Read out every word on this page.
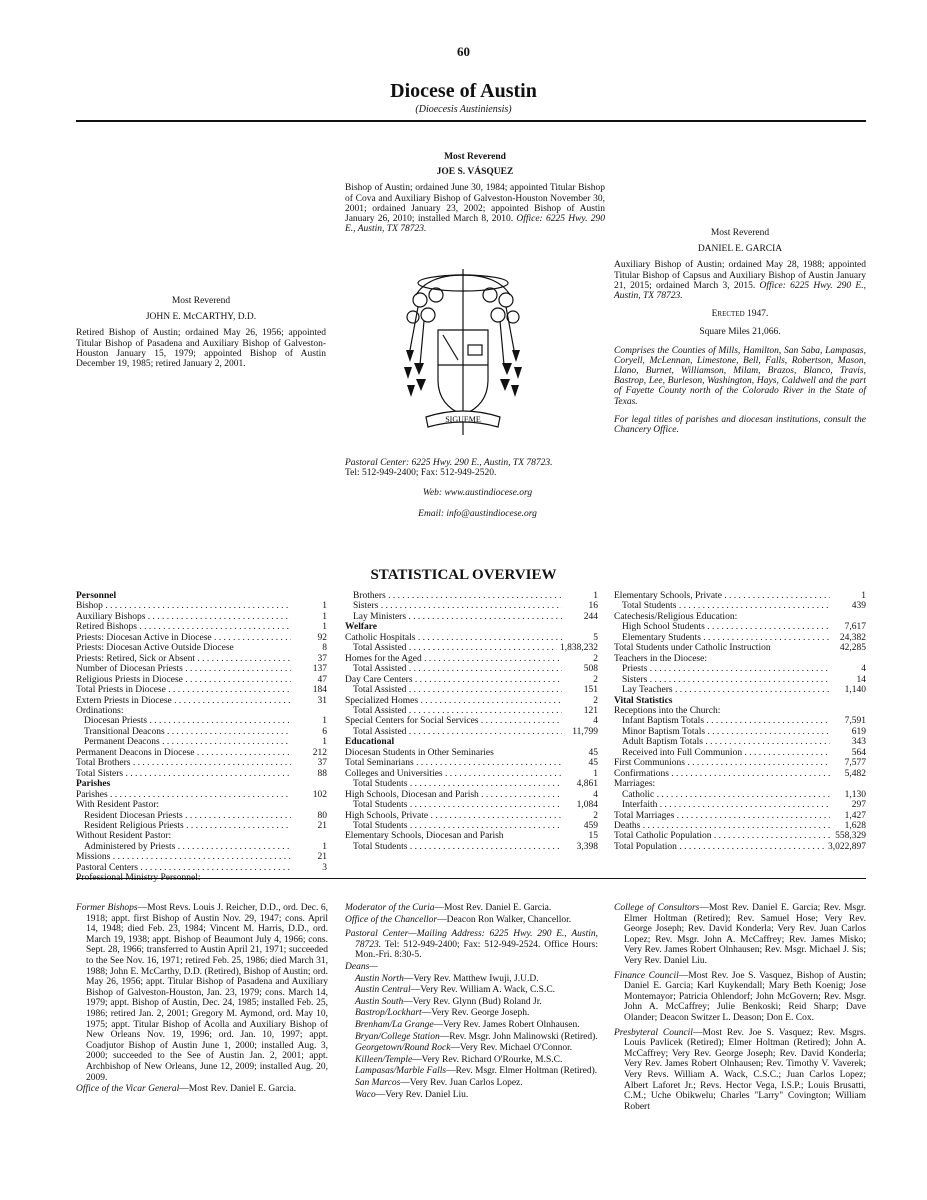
60
Diocese of Austin
(Dioecesis Austiniensis)
Most Reverend
JOE S. VÁSQUEZ
Bishop of Austin; ordained June 30, 1984; appointed Titular Bishop of Cova and Auxiliary Bishop of Galveston-Houston November 30, 2001; ordained January 23, 2002; appointed Bishop of Austin January 26, 2010; installed March 8, 2010. Office: 6225 Hwy. 290 E., Austin, TX 78723.
SIGUEME
Most Reverend
JOHN E. McCARTHY, D.D.
Retired Bishop of Austin; ordained May 26, 1956; appointed Titular Bishop of Pasadena and Auxiliary Bishop of Galveston-Houston January 15, 1979; appointed Bishop of Austin December 19, 1985; retired January 2, 2001.
Most Reverend
DANIEL E. GARCIA
Auxiliary Bishop of Austin; ordained May 28, 1988; appointed Titular Bishop of Capsus and Auxiliary Bishop of Austin January 21, 2015; ordained March 3, 2015. Office: 6225 Hwy. 290 E., Austin, TX 78723.
Erected 1947.
Square Miles 21,066.
Comprises the Counties of Mills, Hamilton, San Saba, Lampasas, Coryell, McLennan, Limestone, Bell, Falls, Robertson, Mason, Llano, Burnet, Williamson, Milam, Brazos, Blanco, Travis, Bastrop, Lee, Burleson, Washington, Hays, Caldwell and the part of Fayette County north of the Colorado River in the State of Texas.
For legal titles of parishes and diocesan institutions, consult the Chancery Office.
Pastoral Center: 6225 Hwy. 290 E., Austin, TX 78723.
Tel: 512-949-2400; Fax: 512-949-2520.
Web: www.austindiocese.org
Email: info@austindiocese.org
STATISTICAL OVERVIEW
Personnel
Bishop . . .	1
Auxiliary Bishops . . .	1
Retired Bishops . . .	1
Priests: Diocesan Active in Diocese . . .	92
Priests: Diocesan Active Outside Diocese	8
Priests: Retired, Sick or Absent . . .	37
Number of Diocesan Priests . . .	137
Religious Priests in Diocese . . .	47
Total Priests in Diocese . . .	184
Extern Priests in Diocese . . .	31
Ordinations:
Diocesan Priests . . .	1
Transitional Deacons . . .	6
Permanent Deacons . . .	1
Permanent Deacons in Diocese . . .	212
Total Brothers . . .	37
Total Sisters . . .	88
Parishes
Parishes . . .	102
With Resident Pastor:
Resident Diocesan Priests . . .	80
Resident Religious Priests . . .	21
Without Resident Pastor:
Administered by Priests . . .	1
Missions . . .	21
Pastoral Centers . . .	3
Professional Ministry Personnel:
Brothers . . .	1
Sisters . . .	16
Lay Ministers . . .	244
Welfare
Catholic Hospitals . . .	5
Total Assisted . . .	1,838,232
Homes for the Aged . . .	2
Total Assisted . . .	508
Day Care Centers . . .	2
Total Assisted . . .	151
Specialized Homes . . .	2
Total Assisted . . .	121
Special Centers for Social Services . . .	4
Total Assisted . . .	11,799
Educational
Diocesan Students in Other Seminaries	45
Total Seminarians . . .	45
Colleges and Universities . . .	1
Total Students . . .	4,861
High Schools, Diocesan and Parish . . .	4
Total Students . . .	1,084
High Schools, Private . . .	2
Total Students . . .	459
Elementary Schools, Diocesan and Parish	15
Total Students . . .	3,398
Elementary Schools, Private . . .	1
Total Students . . .	439
Catechesis/Religious Education:
High School Students . . .	7,617
Elementary Students . . .	24,382
Total Students under Catholic Instruction	42,285
Teachers in the Diocese:
Priests . . .	4
Sisters . . .	14
Lay Teachers . . .	1,140
Vital Statistics
Receptions into the Church:
Infant Baptism Totals . . .	7,591
Minor Baptism Totals . . .	619
Adult Baptism Totals . . .	343
Received into Full Communion . . .	564
First Communions . . .	7,577
Confirmations . . .	5,482
Marriages:
Catholic . . .	1,130
Interfaith . . .	297
Total Marriages . . .	1,427
Deaths . . .	1,628
Total Catholic Population . . .	558,329
Total Population . . .	3,022,897

Former Bishops—Most Revs. Louis J. Reicher, D.D., ord. Dec. 6, 1918; appt. first Bishop of Austin Nov. 29, 1947; cons. April 14, 1948; died Feb. 23, 1984; Vincent M. Harris, D.D., ord. March 19, 1938; appt. Bishop of Beaumont July 4, 1966; cons. Sept. 28, 1966; transferred to Austin April 21, 1971; succeeded to the See Nov. 16, 1971; retired Feb. 25, 1986; died March 31, 1988; John E. McCarthy, D.D. (Retired), Bishop of Austin; ord. May 26, 1956; appt. Titular Bishop of Pasadena and Auxiliary Bishop of Galveston-Houston, Jan. 23, 1979; cons. March 14, 1979; appt. Bishop of Austin, Dec. 24, 1985; installed Feb. 25, 1986; retired Jan. 2, 2001; Gregory M. Aymond, ord. May 10, 1975; appt. Titular Bishop of Acolla and Auxiliary Bishop of New Orleans Nov. 19, 1996; ord. Jan. 10, 1997; appt. Coadjutor Bishop of Austin June 1, 2000; installed Aug. 3, 2000; succeeded to the See of Austin Jan. 2, 2001; appt. Archbishop of New Orleans, June 12, 2009; installed Aug. 20, 2009.

Office of the Vicar General—Most Rev. Daniel E. Garcia.

Moderator of the Curia—Most Rev. Daniel E. Garcia.

Office of the Chancellor—Deacon Ron Walker, Chancellor.

Pastoral Center—Mailing Address: 6225 Hwy. 290 E., Austin, 78723. Tel: 512-949-2400; Fax: 512-949-2524. Office Hours: Mon.-Fri. 8:30-5.

Deans—

Austin North—Very Rev. Matthew Iwuji, J.U.D.

Austin Central—Very Rev. William A. Wack, C.S.C.

Austin South—Very Rev. Glynn (Bud) Roland Jr.

Bastrop/Lockhart—Very Rev. George Joseph.

Brenham/La Grange—Very Rev. James Robert Olnhausen.

Bryan/College Station—Rev. Msgr. John Malinowski (Retired).

Georgetown/Round Rock—Very Rev. Michael O'Connor.

Killeen/Temple—Very Rev. Richard O'Rourke, M.S.C.

Lampasas/Marble Falls—Rev. Msgr. Elmer Holtman (Retired).

San Marcos—Very Rev. Juan Carlos Lopez.

Waco—Very Rev. Daniel Liu.

College of Consultors—Most Rev. Daniel E. Garcia; Rev. Msgr. Elmer Holtman (Retired); Rev. Samuel Hose; Very Rev. George Joseph; Rev. David Konderla; Very Rev. Juan Carlos Lopez; Rev. Msgr. John A. McCaffrey; Rev. James Misko; Very Rev. James Robert Olnhausen; Rev. Msgr. Michael J. Sis; Very Rev. Daniel Liu.

Finance Council—Most Rev. Joe S. Vasquez, Bishop of Austin; Daniel E. Garcia; Karl Kuykendall; Mary Beth Koenig; Jose Montemayor; Patricia Ohlendorf; John McGovern; Rev. Msgr. John A. McCaffrey; Julie Benkoski; Reid Sharp; Dave Olander; Deacon Switzer L. Deason; Don E. Cox.

Presbyteral Council—Most Rev. Joe S. Vasquez; Rev. Msgrs. Louis Pavlicek (Retired); Elmer Holtman (Retired); John A. McCaffrey; Very Rev. George Joseph; Rev. David Konderla; Very Rev. James Robert Olnhausen; Rev. Timothy V. Vaverek; Very Revs. William A. Wack, C.S.C.; Juan Carlos Lopez; Albert Laforet Jr.; Revs. Hector Vega, I.S.P.; Louis Brusatti, C.M.; Uche Obikwelu; Charles "Larry" Covington; William Robert
